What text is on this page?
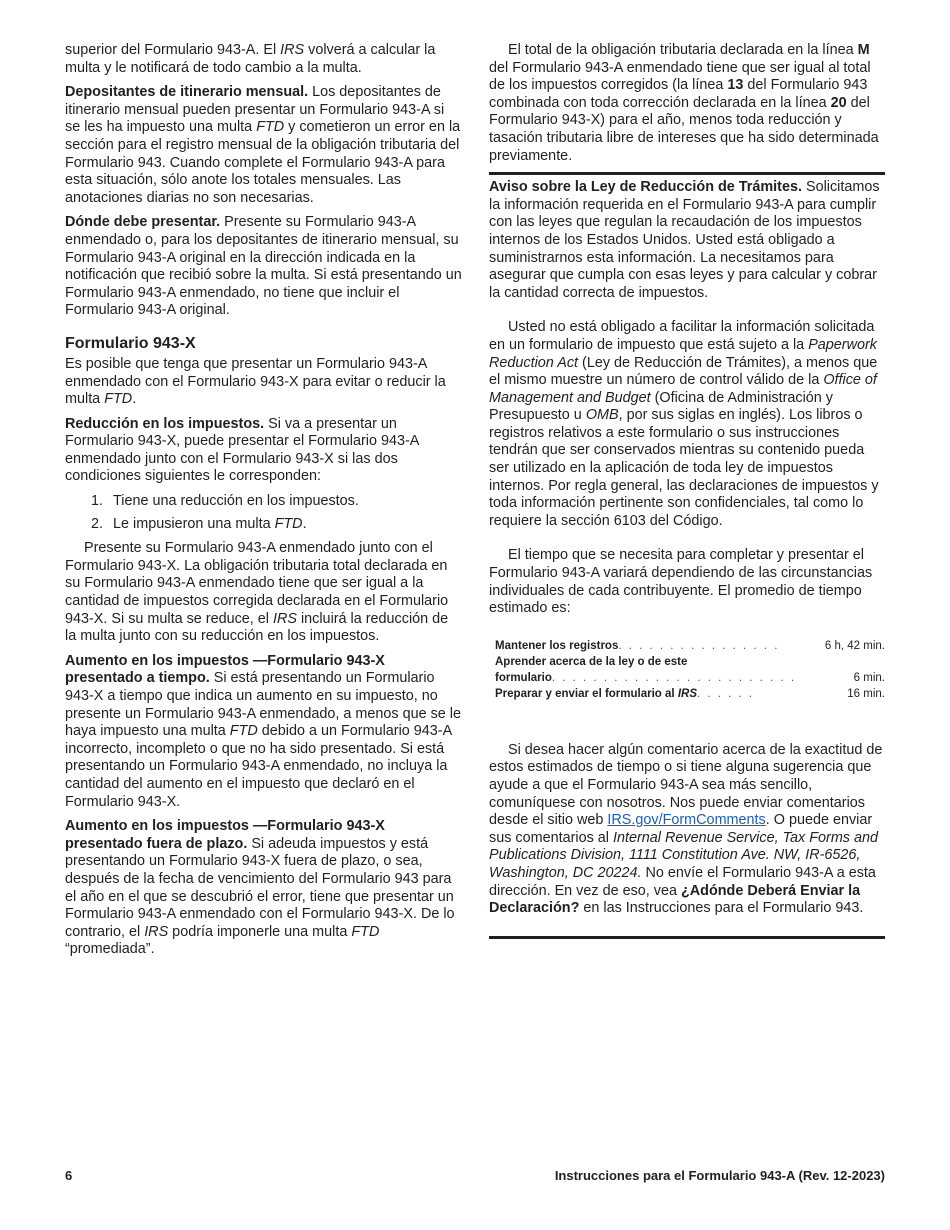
superior del Formulario 943-A. El IRS volverá a calcular la multa y le notificará de todo cambio a la multa.

Depositantes de itinerario mensual. Los depositantes de itinerario mensual pueden presentar un Formulario 943-A si se les ha impuesto una multa FTD y cometieron un error en la sección para el registro mensual de la obligación tributaria del Formulario 943. Cuando complete el Formulario 943-A para esta situación, sólo anote los totales mensuales. Las anotaciones diarias no son necesarias.

Dónde debe presentar. Presente su Formulario 943-A enmendado o, para los depositantes de itinerario mensual, su Formulario 943-A original en la dirección indicada en la notificación que recibió sobre la multa. Si está presentando un Formulario 943-A enmendado, no tiene que incluir el Formulario 943-A original.

Formulario 943-X

Es posible que tenga que presentar un Formulario 943-A enmendado con el Formulario 943-X para evitar o reducir la multa FTD.

Reducción en los impuestos. Si va a presentar un Formulario 943-X, puede presentar el Formulario 943-A enmendado junto con el Formulario 943-X si las dos condiciones siguientes le corresponden:

1. Tiene una reducción en los impuestos.
2. Le impusieron una multa FTD.

Presente su Formulario 943-A enmendado junto con el Formulario 943-X. La obligación tributaria total declarada en su Formulario 943-A enmendado tiene que ser igual a la cantidad de impuestos corregida declarada en el Formulario 943-X. Si su multa se reduce, el IRS incluirá la reducción de la multa junto con su reducción en los impuestos.

Aumento en los impuestos —Formulario 943-X presentado a tiempo. Si está presentando un Formulario 943-X a tiempo que indica un aumento en su impuesto, no presente un Formulario 943-A enmendado, a menos que se le haya impuesto una multa FTD debido a un Formulario 943-A incorrecto, incompleto o que no ha sido presentado. Si está presentando un Formulario 943-A enmendado, no incluya la cantidad del aumento en el impuesto que declaró en el Formulario 943-X.

Aumento en los impuestos —Formulario 943-X presentado fuera de plazo. Si adeuda impuestos y está presentando un Formulario 943-X fuera de plazo, o sea, después de la fecha de vencimiento del Formulario 943 para el año en el que se descubrió el error, tiene que presentar un Formulario 943-A enmendado con el Formulario 943-X. De lo contrario, el IRS podría imponerle una multa FTD “promediada”.

El total de la obligación tributaria declarada en la línea M del Formulario 943-A enmendado tiene que ser igual al total de los impuestos corregidos (la línea 13 del Formulario 943 combinada con toda corrección declarada en la línea 20 del Formulario 943-X) para el año, menos toda reducción y tasación tributaria libre de intereses que ha sido determinada previamente.

Aviso sobre la Ley de Reducción de Trámites. Solicitamos la información requerida en el Formulario 943-A para cumplir con las leyes que regulan la recaudación de los impuestos internos de los Estados Unidos. Usted está obligado a suministrarnos esta información. La necesitamos para asegurar que cumpla con esas leyes y para calcular y cobrar la cantidad correcta de impuestos.

Usted no está obligado a facilitar la información solicitada en un formulario de impuesto que está sujeto a la Paperwork Reduction Act (Ley de Reducción de Trámites), a menos que el mismo muestre un número de control válido de la Office of Management and Budget (Oficina de Administración y Presupuesto u OMB, por sus siglas en inglés). Los libros o registros relativos a este formulario o sus instrucciones tendrán que ser conservados mientras su contenido pueda ser utilizado en la aplicación de toda ley de impuestos internos. Por regla general, las declaraciones de impuestos y toda información pertinente son confidenciales, tal como lo requiere la sección 6103 del Código.

El tiempo que se necesita para completar y presentar el Formulario 943-A variará dependiendo de las circunstancias individuales de cada contribuyente. El promedio de tiempo estimado es:

Mantener los registros. . . . . . . . . . . . . . . .	6 h, 42 min.
Aprender acerca de la ley o de este
formulario. . . . . . . . . . . . . . . . . . . . . . . .	6 min.
Preparar y enviar el formulario al IRS. . . . . .	16 min.

Si desea hacer algún comentario acerca de la exactitud de estos estimados de tiempo o si tiene alguna sugerencia que ayude a que el Formulario 943-A sea más sencillo, comuníquese con nosotros. Nos puede enviar comentarios desde el sitio web IRS.gov/FormComments. O puede enviar sus comentarios al Internal Revenue Service, Tax Forms and Publications Division, 1111 Constitution Ave. NW, IR-6526, Washington, DC 20224. No envíe el Formulario 943-A a esta dirección. En vez de eso, vea ¿Adónde Deberá Enviar la Declaración? en las Instrucciones para el Formulario 943.

6	Instrucciones para el Formulario 943-A (Rev. 12-2023)
